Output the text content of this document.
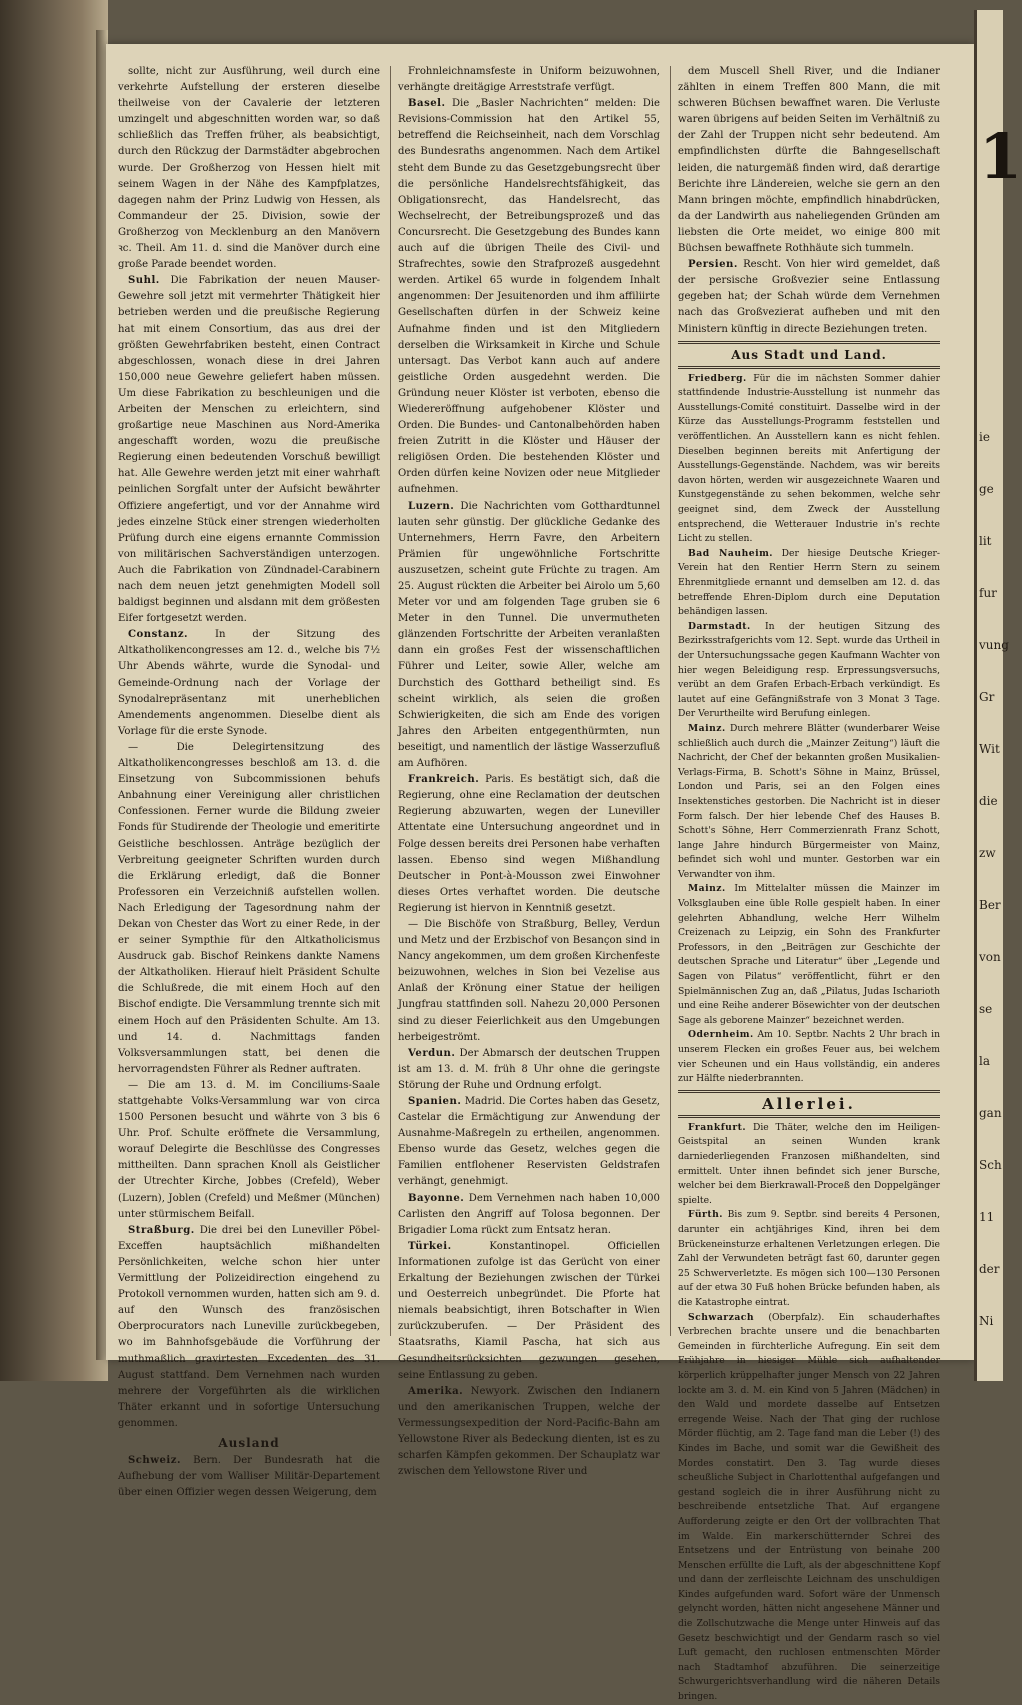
sollte, nicht zur Ausführung, weil durch eine verkehrte Aufstellung der ersteren dieselbe theilweise von der Cavalerie der letzteren umzingelt und abgeschnitten worden war, so daß schließlich das Treffen früher, als beabsichtigt, durch den Rückzug der Darmstädter abgebrochen wurde. Der Großherzog von Hessen hielt mit seinem Wagen in der Nähe des Kampfplatzes, dagegen nahm der Prinz Ludwig von Hessen, als Commandeur der 25. Division, sowie der Großherzog von Mecklenburg an den Manövern ꝛc. Theil. Am 11. d. sind die Manöver durch eine große Parade beendet worden.

Suhl. Die Fabrikation der neuen Mauser-Gewehre soll jetzt mit vermehrter Thätigkeit hier betrieben werden und die preußische Regierung hat mit einem Consortium, das aus drei der größten Gewehrfabriken besteht, einen Contract abgeschlossen, wonach diese in drei Jahren 150,000 neue Gewehre geliefert haben müssen. Um diese Fabrikation zu beschleunigen und die Arbeiten der Menschen zu erleichtern, sind großartige neue Maschinen aus Nord-Amerika angeschafft worden, wozu die preußische Regierung einen bedeutenden Vorschuß bewilligt hat. Alle Gewehre werden jetzt mit einer wahrhaft peinlichen Sorgfalt unter der Aufsicht bewährter Offiziere angefertigt, und vor der Annahme wird jedes einzelne Stück einer strengen wiederholten Prüfung durch eine eigens ernannte Commission von militärischen Sachverständigen unterzogen. Auch die Fabrikation von Zündnadel-Carabinern nach dem neuen jetzt genehmigten Modell soll baldigst beginnen und alsdann mit dem größesten Eifer fortgesetzt werden.

Constanz.	In der Sitzung des Altkatholikencongresses am 12. d., welche bis 7½ Uhr Abends währte, wurde die Synodal- und Gemeinde-Ordnung nach der Vorlage der Synodalrepräsentanz mit unerheblichen Amendements angenommen. Dieselbe dient als Vorlage für die erste Synode.

— Die Delegirtensitzung des Altkatholikencongresses beschloß am 13. d. die Einsetzung von Subcommissionen behufs Anbahnung einer Vereinigung aller christlichen Confessionen. Ferner wurde die Bildung zweier Fonds für Studirende der Theologie und emeritirte Geistliche beschlossen. Anträge bezüglich der Verbreitung geeigneter Schriften wurden durch die Erklärung erledigt, daß die Bonner Professoren ein Verzeichniß aufstellen wollen. Nach Erledigung der Tagesordnung nahm der Dekan von Chester das Wort zu einer Rede, in der er seiner Sympthie für den Altkatholicismus Ausdruck gab. Bischof Reinkens dankte Namens der Altkatholiken. Hierauf hielt Präsident Schulte die Schlußrede, die mit einem Hoch auf den Bischof endigte. Die Versammlung trennte sich mit einem Hoch auf den Präsidenten Schulte. Am 13. und 14. d. Nachmittags fanden Volksversammlungen statt, bei denen die hervorragendsten Führer als Redner auftraten.

— Die am 13. d. M. im Conciliums-Saale stattgehabte Volks-Versammlung war von circa 1500 Personen besucht und währte von 3 bis 6 Uhr. Prof. Schulte eröffnete die Versammlung, worauf Delegirte die Beschlüsse des Congresses mittheilten. Dann sprachen Knoll als Geistlicher der Utrechter Kirche, Jobbes (Crefeld), Weber (Luzern), Joblen (Crefeld) und Meßmer (München) unter stürmischem Beifall.

Straßburg. Die drei bei den Luneviller Pöbel-Exceffen hauptsächlich mißhandelten Persönlichkeiten, welche schon hier unter Vermittlung der Polizeidirection eingehend zu Protokoll vernommen wurden, hatten sich am 9. d. auf den Wunsch des französischen Oberprocurators nach Luneville zurückbegeben, wo im Bahnhofsgebäude die Vorführung der muthmaßlich gravirtesten Excedenten des 31. August stattfand. Dem Vernehmen nach wurden mehrere der Vorgeführten als die wirklichen Thäter erkannt und in sofortige Untersuchung genommen.

Ausland

Schweiz. Bern. Der Bundesrath hat die Aufhebung der vom Walliser Militär-Departement über einen Offizier wegen dessen Weigerung, dem

Frohnleichnamsfeste in Uniform beizuwohnen, verhängte dreitägige Arreststrafe verfügt.

Basel. Die „Basler Nachrichten“ melden: Die Revisions-Commission hat den Artikel 55, betreffend die Reichseinheit, nach dem Vorschlag des Bundesraths angenommen. Nach dem Artikel steht dem Bunde zu das Gesetzgebungsrecht über die persönliche Handelsrechtsfähigkeit, das Obligationsrecht, das Handelsrecht, das Wechselrecht, der Betreibungsprozeß und das Concursrecht. Die Gesetzgebung des Bundes kann auch auf die übrigen Theile des Civil- und Strafrechtes, sowie den Strafprozeß ausgedehnt werden. Artikel 65 wurde in folgendem Inhalt angenommen: Der Jesuitenorden und ihm affiliirte Gesellschaften dürfen in der Schweiz keine Aufnahme finden und ist den Mitgliedern derselben die Wirksamkeit in Kirche und Schule untersagt. Das Verbot kann auch auf andere geistliche Orden ausgedehnt werden. Die Gründung neuer Klöster ist verboten, ebenso die Wiedereröffnung aufgehobener Klöster und Orden. Die Bundes- und Cantonalbehörden haben freien Zutritt in die Klöster und Häuser der religiösen Orden. Die bestehenden Klöster und Orden dürfen keine Novizen oder neue Mitglieder aufnehmen.

Luzern. Die Nachrichten vom Gotthardtunnel lauten sehr günstig. Der glückliche Gedanke des Unternehmers, Herrn Favre, den Arbeitern Prämien für ungewöhnliche Fortschritte auszusetzen, scheint gute Früchte zu tragen. Am 25. August rückten die Arbeiter bei Airolo um 5,60 Meter vor und am folgenden Tage gruben sie 6 Meter in den Tunnel. Die unvermutheten glänzenden Fortschritte der Arbeiten veranlaßten dann ein großes Fest der wissenschaftlichen Führer und Leiter, sowie Aller, welche am Durchstich des Gotthard betheiligt sind. Es scheint wirklich, als seien die großen Schwierigkeiten, die sich am Ende des vorigen Jahres den Arbeiten entgegenthürmten, nun beseitigt, und namentlich der lästige Wasserzufluß am Aufhören.

Frankreich. Paris. Es bestätigt sich, daß die Regierung, ohne eine Reclamation der deutschen Regierung abzuwarten, wegen der Luneviller Attentate eine Untersuchung angeordnet und in Folge dessen bereits drei Personen habe verhaften lassen. Ebenso sind wegen Mißhandlung Deutscher in Pont-à-Mousson zwei Einwohner dieses Ortes verhaftet worden. Die deutsche Regierung ist hiervon in Kenntniß gesetzt.

— Die Bischöfe von Straßburg, Belley, Verdun und Metz und der Erzbischof von Besançon sind in Nancy angekommen, um dem großen Kirchenfeste beizuwohnen, welches in Sion bei Vezelise aus Anlaß der Krönung einer Statue der heiligen Jungfrau stattfinden soll. Nahezu 20,000 Personen sind zu dieser Feierlichkeit aus den Umgebungen herbeigeströmt.

Verdun. Der Abmarsch der deutschen Truppen ist am 13. d. M. früh 8 Uhr ohne die geringste Störung der Ruhe und Ordnung erfolgt.

Spanien. Madrid. Die Cortes haben das Gesetz, Castelar die Ermächtigung zur Anwendung der Ausnahme-Maßregeln zu ertheilen, angenommen. Ebenso wurde das Gesetz, welches gegen die Familien entflohener Reservisten Geldstrafen verhängt, genehmigt.

Bayonne. Dem Vernehmen nach haben 10,000 Carlisten den Angriff auf Tolosa begonnen. Der Brigadier Loma rückt zum Entsatz heran.

Türkei.	Konstantinopel. Officiellen Informationen zufolge ist das Gerücht von einer Erkaltung der Beziehungen zwischen der Türkei und Oesterreich unbegründet. Die Pforte hat niemals beabsichtigt, ihren Botschafter in Wien zurückzuberufen. — Der Präsident des Staatsraths, Kiamil Pascha, hat sich aus Gesundheitsrücksichten gezwungen gesehen, seine Entlassung zu geben.

Amerika. Newyork. Zwischen den Indianern und den amerikanischen Truppen, welche der Vermessungsexpedition der Nord-Pacific-Bahn am Yellowstone River als Bedeckung dienten, ist es zu scharfen Kämpfen gekommen. Der Schauplatz war zwischen dem Yellowstone River und

dem Muscell Shell River, und die Indianer zählten in einem Treffen 800 Mann, die mit schweren Büchsen bewaffnet waren. Die Verluste waren übrigens auf beiden Seiten im Verhältniß zu der Zahl der Truppen nicht sehr bedeutend. Am empfindlichsten dürfte die Bahngesellschaft leiden, die naturgemäß finden wird, daß derartige Berichte ihre Ländereien, welche sie gern an den Mann bringen möchte, empfindlich hinabdrücken, da der Landwirth aus naheliegenden Gründen am liebsten die Orte meidet, wo einige 800 mit Büchsen bewaffnete Rothhäute sich tummeln.

Persien. Rescht. Von hier wird gemeldet, daß der persische Großvezier seine Entlassung gegeben hat; der Schah würde dem Vernehmen nach das Großvezierat aufheben und mit den Ministern künftig in directe Beziehungen treten.

Aus Stadt und Land.

Friedberg. Für die im nächsten Sommer dahier stattfindende Industrie-Ausstellung ist nunmehr das Ausstellungs-Comité constituirt. Dasselbe wird in der Kürze das Ausstellungs-Programm feststellen und veröffentlichen. An Ausstellern kann es nicht fehlen. Dieselben beginnen bereits mit Anfertigung der Ausstellungs-Gegenstände. Nachdem, was wir bereits davon hörten, werden wir ausgezeichnete Waaren und Kunstgegenstände zu sehen bekommen, welche sehr geeignet sind, dem Zweck der Ausstellung entsprechend, die Wetterauer Industrie in's rechte Licht zu stellen.

Bad Nauheim. Der hiesige Deutsche Krieger-Verein hat den Rentier Herrn Stern zu seinem Ehrenmitgliede ernannt und demselben am 12. d. das betreffende Ehren-Diplom durch eine Deputation behändigen lassen.

Darmstadt. In der heutigen Sitzung des Bezirksstrafgerichts vom 12. Sept. wurde das Urtheil in der Untersuchungssache gegen Kaufmann Wachter von hier wegen Beleidigung resp. Erpressungsversuchs, verübt an dem Grafen Erbach-Erbach verkündigt. Es lautet auf eine Gefängnißstrafe von 3 Monat 3 Tage. Der Verurtheilte wird Berufung einlegen.

Mainz. Durch mehrere Blätter (wunderbarer Weise schließlich auch durch die „Mainzer Zeitung“) läuft die Nachricht, der Chef der bekannten großen Musikalien-Verlags-Firma, B. Schott's Söhne in Mainz, Brüssel, London und Paris, sei an den Folgen eines Insektenstiches gestorben. Die Nachricht ist in dieser Form falsch. Der hier lebende Chef des Hauses B. Schott's Söhne, Herr Commerzienrath Franz Schott, lange Jahre hindurch Bürgermeister von Mainz, befindet sich wohl und munter. Gestorben war ein Verwandter von ihm.

Mainz. Im Mittelalter müssen die Mainzer im Volksglauben eine üble Rolle gespielt haben. In einer gelehrten Abhandlung, welche Herr Wilhelm Creizenach zu Leipzig, ein Sohn des Frankfurter Professors, in den „Beiträgen zur Geschichte der deutschen Sprache und Literatur“ über „Legende und Sagen von Pilatus“ veröffentlicht, führt er den Spielmännischen Zug an, daß „Pilatus, Judas Ischarioth und eine Reihe anderer Bösewichter von der deutschen Sage als geborene Mainzer“ bezeichnet werden.

Odernheim. Am 10. Septbr. Nachts 2 Uhr brach in unserem Flecken ein großes Feuer aus, bei welchem vier Scheunen und ein Haus vollständig, ein anderes zur Hälfte niederbrannten.

Allerlei.

Frankfurt. Die Thäter, welche den im Heiligen-Geistspital an seinen Wunden krank darniederliegenden Franzosen mißhandelten, sind ermittelt. Unter ihnen befindet sich jener Bursche, welcher bei dem Bierkrawall-Proceß den Doppelgänger spielte.

Fürth. Bis zum 9. Septbr. sind bereits 4 Personen, darunter ein achtjähriges Kind, ihren bei dem Brückeneinsturze erhaltenen Verletzungen erlegen. Die Zahl der Verwundeten beträgt fast 60, darunter gegen 25 Schwerverletzte. Es mögen sich 100—130 Personen auf der etwa 30 Fuß hohen Brücke befunden haben, als die Katastrophe eintrat.

Schwarzach (Oberpfalz). Ein schauderhaftes Verbrechen brachte unsere und die benachbarten Gemeinden in fürchterliche Aufregung. Ein seit dem Frühjahre in hiesiger Mühle sich aufhaltender körperlich krüppelhafter junger Mensch von 22 Jahren lockte am 3. d. M. ein Kind von 5 Jahren (Mädchen) in den Wald und mordete dasselbe auf Entsetzen erregende Weise. Nach der That ging der ruchlose Mörder flüchtig, am 2. Tage fand man die Leber (!) des Kindes im Bache, und somit war die Gewißheit des Mordes constatirt. Den 3. Tag wurde dieses scheußliche Subject in Charlottenthal aufgefangen und gestand sogleich die in ihrer Ausführung nicht zu beschreibende entsetzliche That. Auf ergangene Aufforderung zeigte er den Ort der vollbrachten That im Walde. Ein markerschütternder Schrei des Entsetzens und der Entrüstung von beinahe 200 Menschen erfüllte die Luft, als der abgeschnittene Kopf und dann der zerfleischte Leichnam des unschuldigen Kindes aufgefunden ward. Sofort wäre der Unmensch gelyncht worden, hätten nicht angesehene Männer und die Zollschutzwache die Menge unter Hinweis auf das Gesetz beschwichtigt und der Gendarm rasch so viel Luft gemacht, den ruchlosen entmenschten Mörder nach Stadtamhof abzuführen. Die seinerzeitige Schwurgerichtsverhandlung wird die näheren Details bringen.

1
ie
ge
lit
fur
vung
Gr
Wit
die
zw
Ber
von
se
la
gan
Sch
11
der
Ni
